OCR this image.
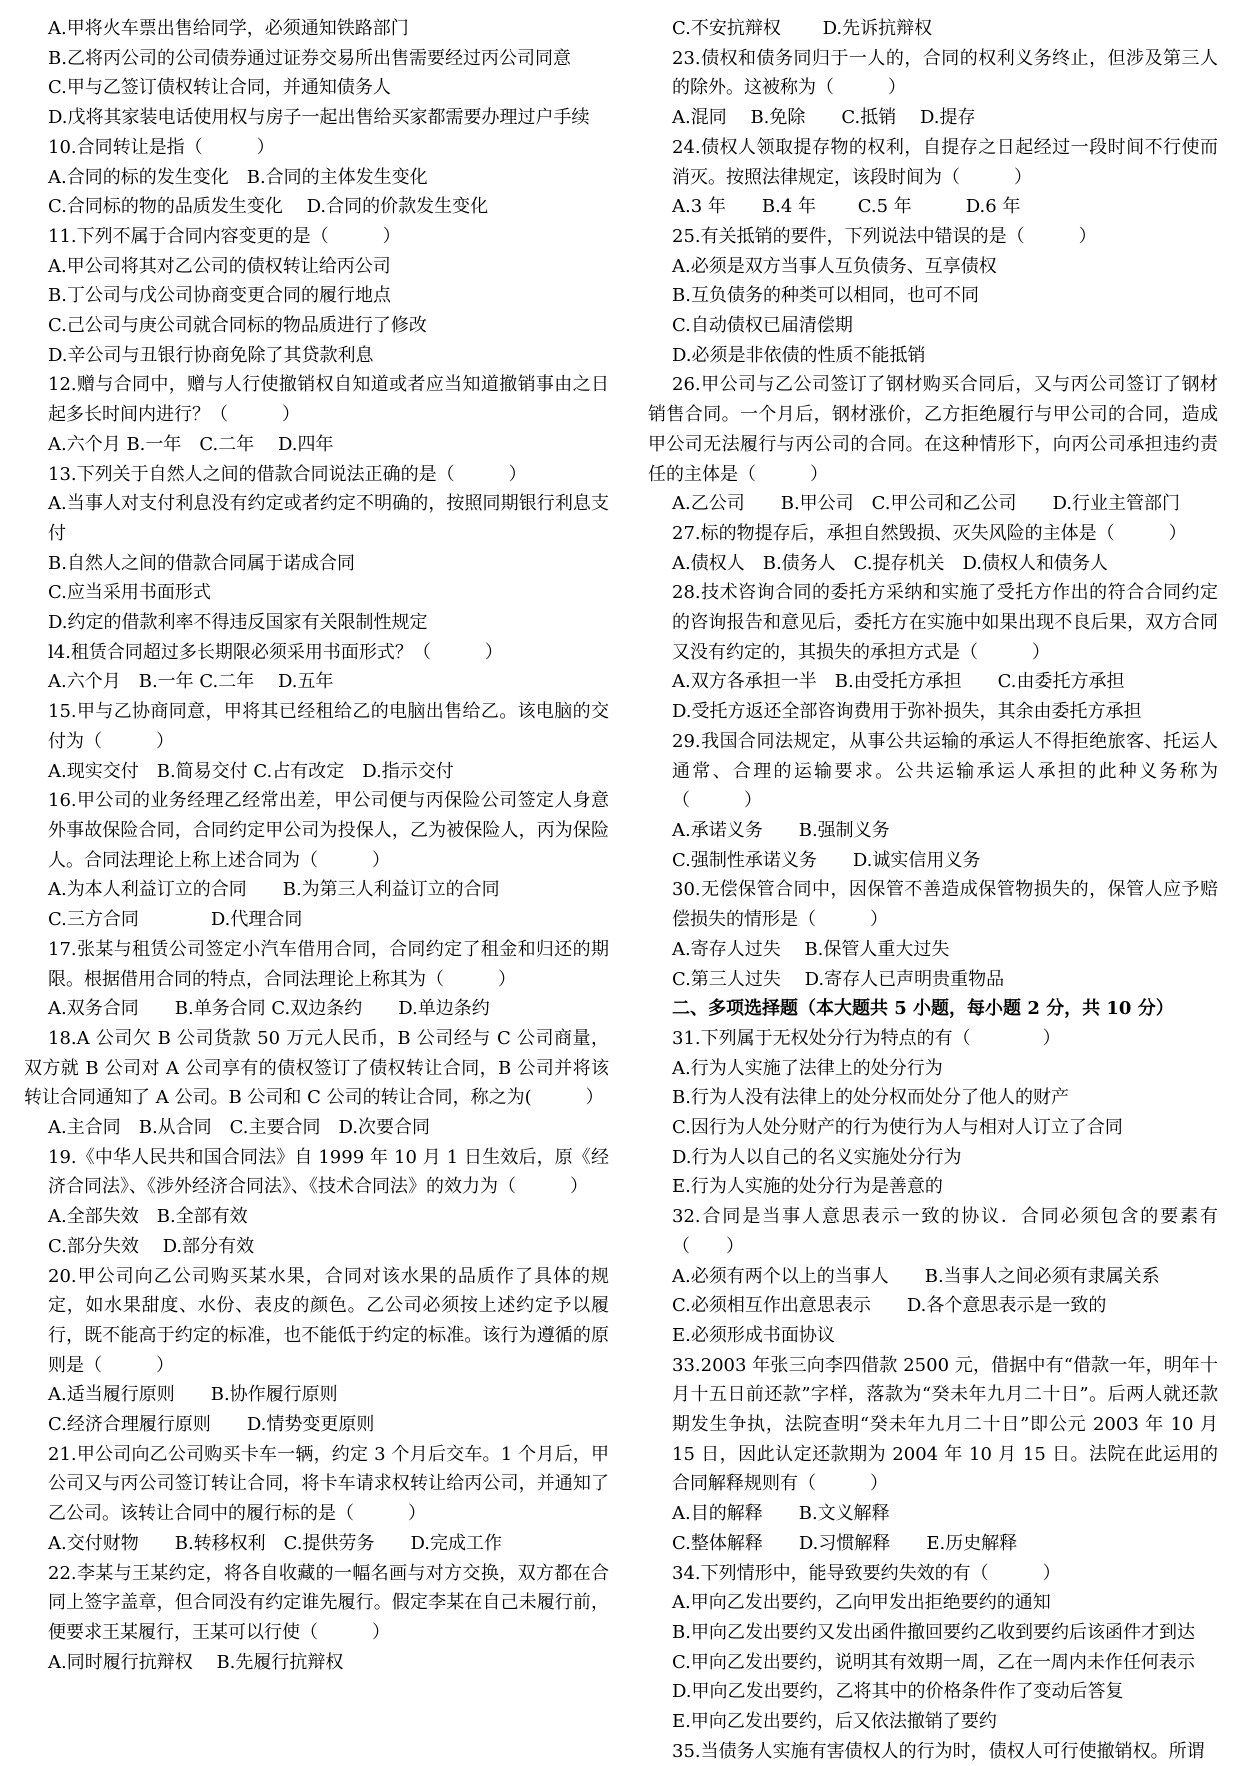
A.甲将火车票出售给同学，必须通知铁路部门

B.乙将丙公司的公司债券通过证券交易所出售需要经过丙公司同意

C.甲与乙签订债权转让合同，并通知债务人

D.戊将其家装电话使用权与房子一起出售给买家都需要办理过户手续

10.合同转让是指（　　　）

A.合同的标的发生变化　B.合同的主体发生变化

C.合同标的物的品质发生变化　 D.合同的价款发生变化

11.下列不属于合同内容变更的是（　　　）

A.甲公司将其对乙公司的债权转让给丙公司

B.丁公司与戊公司协商变更合同的履行地点

C.己公司与庚公司就合同标的物品质进行了修改

D.辛公司与丑银行协商免除了其贷款利息

12.赠与合同中，赠与人行使撤销权自知道或者应当知道撤销事由之日起多长时间内进行？（　　　）

A.六个月 B.一年　C.二年　 D.四年

13.下列关于自然人之间的借款合同说法正确的是（　　　）

A.当事人对支付利息没有约定或者约定不明确的，按照同期银行利息支付

B.自然人之间的借款合同属于诺成合同

C.应当采用书面形式

D.约定的借款利率不得违反国家有关限制性规定

l4.租赁合同超过多长期限必须采用书面形式？（　　　）

A.六个月　B.一年 C.二年　 D.五年

15.甲与乙协商同意，甲将其已经租给乙的电脑出售给乙。该电脑的交付为（　　　）

A.现实交付　B.简易交付 C.占有改定　D.指示交付

16.甲公司的业务经理乙经常出差，甲公司便与丙保险公司签定人身意外事故保险合同，合同约定甲公司为投保人，乙为被保险人，丙为保险人。合同法理论上称上述合同为（　　　）

A.为本人利益订立的合同　　B.为第三人利益订立的合同

C.三方合同　　　　D.代理合同

17.张某与租赁公司签定小汽车借用合同，合同约定了租金和归还的期限。根据借用合同的特点，合同法理论上称其为（　　　）

A.双务合同　　B.单务合同 C.双边条约　　D.单边条约

18.A 公司欠 B 公司货款 50 万元人民币，B 公司经与 C 公司商量，双方就 B 公司对 A 公司享有的债权签订了债权转让合同，B 公司并将该转让合同通知了 A 公司。B 公司和 C 公司的转让合同，称之为(　　　）

A.主合同　B.从合同　C.主要合同　D.次要合同

19.《中华人民共和国合同法》自 1999 年 10 月 1 日生效后，原《经济合同法》、《涉外经济合同法》、《技术合同法》的效力为（　　　）

A.全部失效　B.全部有效

C.部分失效　 D.部分有效

20.甲公司向乙公司购买某水果，合同对该水果的品质作了具体的规定，如水果甜度、水份、表皮的颜色。乙公司必须按上述约定予以履行，既不能高于约定的标准，也不能低于约定的标准。该行为遵循的原则是（　　　）

A.适当履行原则　　B.协作履行原则

C.经济合理履行原则　　D.情势变更原则

21.甲公司向乙公司购买卡车一辆，约定 3 个月后交车。1 个月后，甲公司又与丙公司签订转让合同，将卡车请求权转让给丙公司，并通知了乙公司。该转让合同中的履行标的是（　　　）

A.交付财物　　B.转移权利　C.提供劳务　　D.完成工作

22.李某与王某约定，将各自收藏的一幅名画与对方交换，双方都在合同上签字盖章，但合同没有约定谁先履行。假定李某在自己未履行前，便要求王某履行，王某可以行使（　　　）

A.同时履行抗辩权　 B.先履行抗辩权

C.不安抗辩权　　 D.先诉抗辩权

23.债权和债务同归于一人的，合同的权利义务终止，但涉及第三人的除外。这被称为（　　　）

A.混同　 B.免除　　C.抵销　 D.提存

24.债权人领取提存物的权利，自提存之日起经过一段时间不行使而消灭。按照法律规定，该段时间为（　　　）

A.3 年　　B.4 年　　 C.5 年　　　D.6 年

25.有关抵销的要件，下列说法中错误的是（　　　）

A.必须是双方当事人互负债务、互享债权

B.互负债务的种类可以相同，也可不同

C.自动债权已届清偿期

D.必须是非依债的性质不能抵销

26.甲公司与乙公司签订了钢材购买合同后，又与丙公司签订了钢材销售合同。一个月后，钢材涨价，乙方拒绝履行与甲公司的合同，造成甲公司无法履行与丙公司的合同。在这种情形下，向丙公司承担违约责任的主体是（　　　）

A.乙公司　　B.甲公司　C.甲公司和乙公司　　D.行业主管部门

27.标的物提存后，承担自然毁损、灭失风险的主体是（　　　）

A.债权人　B.债务人　C.提存机关　D.债权人和债务人

28.技术咨询合同的委托方采纳和实施了受托方作出的符合合同约定的咨询报告和意见后，委托方在实施中如果出现不良后果，双方合同又没有约定的，其损失的承担方式是（　　　）

A.双方各承担一半　B.由受托方承担　　C.由委托方承担

D.受托方返还全部咨询费用于弥补损失，其余由委托方承担

29.我国合同法规定，从事公共运输的承运人不得拒绝旅客、托运人通常、合理的运输要求。公共运输承运人承担的此种义务称为（　　　）

A.承诺义务　　B.强制义务

C.强制性承诺义务　　D.诚实信用义务

30.无偿保管合同中，因保管不善造成保管物损失的，保管人应予赔偿损失的情形是（　　　）

A.寄存人过失　 B.保管人重大过失

C.第三人过失　 D.寄存人已声明贵重物品

二、多项选择题（本大题共 5 小题，每小题 2 分，共 10 分）

31.下列属于无权处分行为特点的有（　　　　）

A.行为人实施了法律上的处分行为

B.行为人没有法律上的处分权而处分了他人的财产

C.因行为人处分财产的行为使行为人与相对人订立了合同

D.行为人以自己的名义实施处分行为

E.行为人实施的处分行为是善意的

32.合同是当事人意思表示一致的协议．合同必须包含的要素有（　　）

A.必须有两个以上的当事人　　B.当事人之间必须有隶属关系

C.必须相互作出意思表示　　D.各个意思表示是一致的

E.必须形成书面协议

33.2003 年张三向李四借款 2500 元，借据中有“借款一年，明年十月十五日前还款”字样，落款为“癸未年九月二十日”。后两人就还款期发生争执，法院查明“癸未年九月二十日”即公元 2003 年 10 月 15 日，因此认定还款期为 2004 年 10 月 15 日。法院在此运用的合同解释规则有（　　　）

A.目的解释　　B.文义解释

C.整体解释　　D.习惯解释　　E.历史解释

34.下列情形中，能导致要约失效的有（　　　）

A.甲向乙发出要约，乙向甲发出拒绝要约的通知

B.甲向乙发出要约又发出函件撤回要约乙收到要约后该函件才到达

C.甲向乙发出要约，说明其有效期一周，乙在一周内未作任何表示

D.甲向乙发出要约，乙将其中的价格条件作了变动后答复

E.甲向乙发出要约，后又依法撤销了要约

35.当债务人实施有害债权人的行为时，债权人可行使撤销权。所谓
